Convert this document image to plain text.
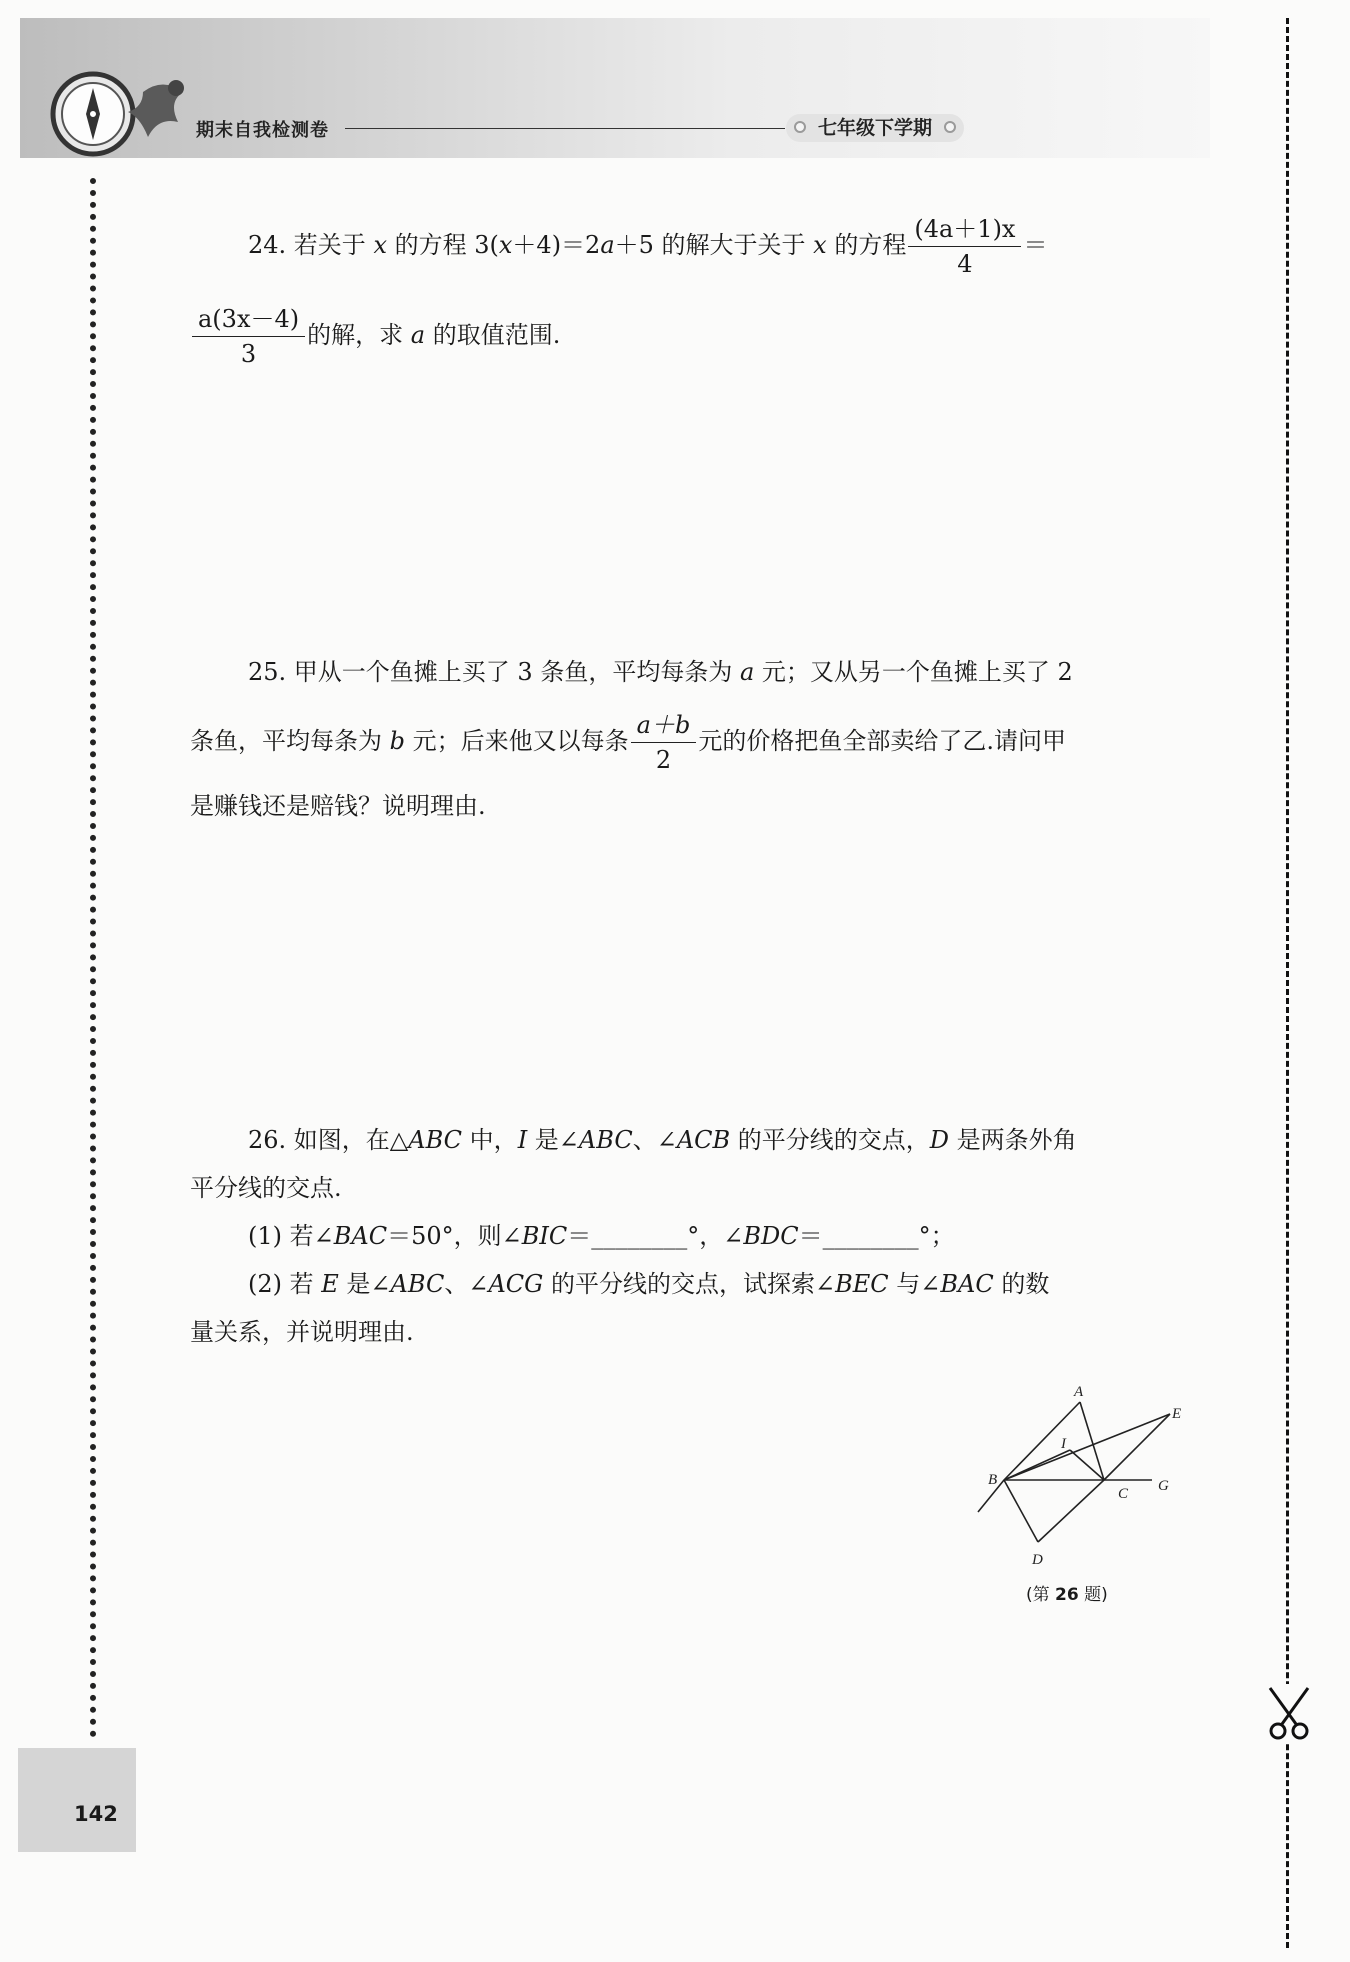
期末自我检测卷	七年级下学期
142
24. 若关于 x 的方程 3(x＋4)＝2a＋5 的解大于关于 x 的方程 $\frac{(4a+1)x}{4}$ ＝
$\frac{a(3x-4)}{3}$ 的解，求 a 的取值范围.
25. 甲从一个鱼摊上买了 3 条鱼，平均每条为 a 元；又从另一个鱼摊上买了 2
条鱼，平均每条为 b 元；后来他又以每条 $\frac{a+b}{2}$ 元的价格把鱼全部卖给了乙.请问甲
是赚钱还是赔钱？说明理由.
26. 如图，在△ABC 中，I 是∠ABC、∠ACB 的平分线的交点，D 是两条外角
平分线的交点.
(1) 若∠BAC＝50°，则∠BIC＝________°，∠BDC＝________°；
(2) 若 E 是∠ABC、∠ACG 的平分线的交点，试探索∠BEC 与∠BAC 的数
量关系，并说明理由.
A
E
I
B
C G
D
(第 26 题)
